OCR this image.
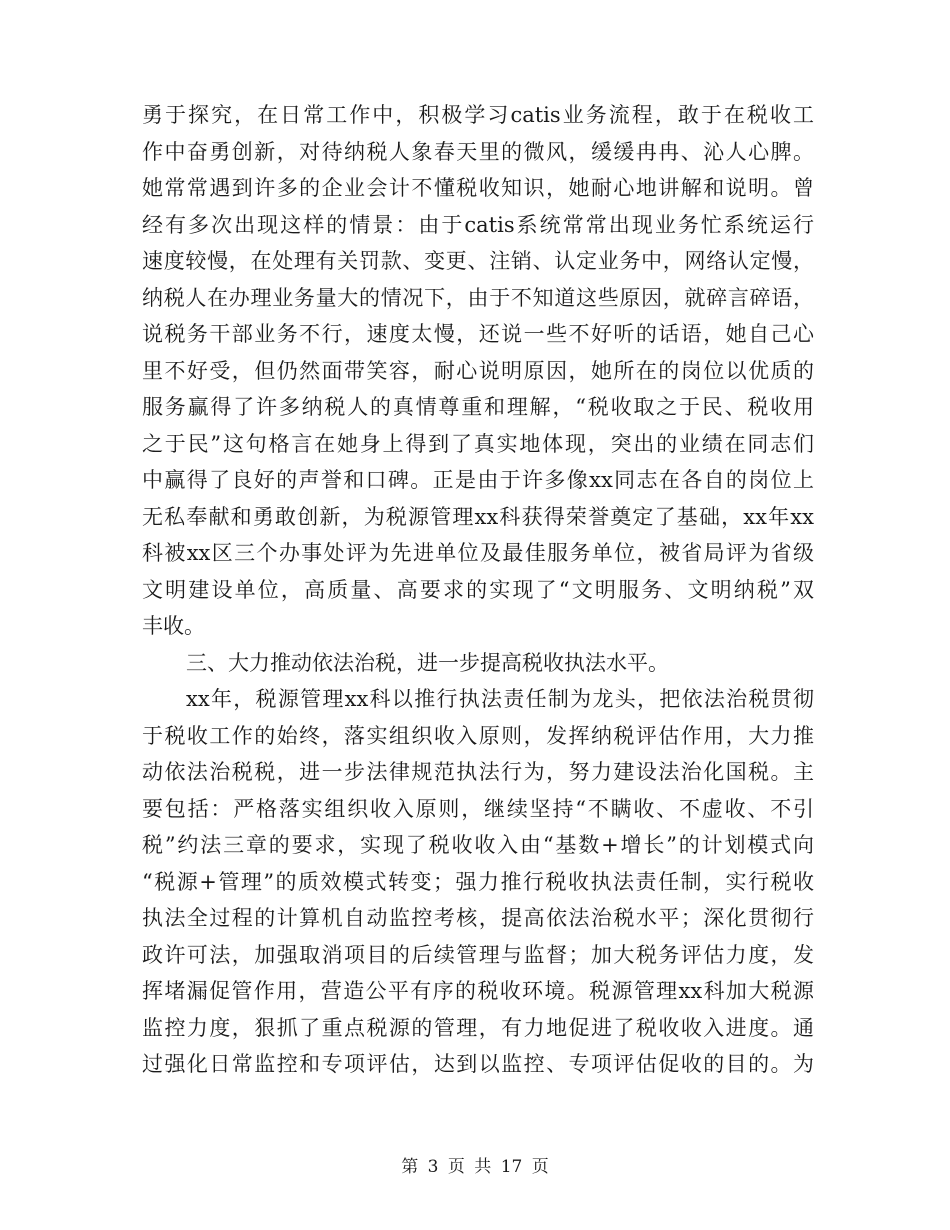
勇于探究，在日常工作中，积极学习catis业务流程，敢于在税收工
作中奋勇创新，对待纳税人象春天里的微风，缓缓冉冉、沁人心脾。
她常常遇到许多的企业会计不懂税收知识，她耐心地讲解和说明。曾
经有多次出现这样的情景：由于catis系统常常出现业务忙系统运行
速度较慢，在处理有关罚款、变更、注销、认定业务中，网络认定慢，
纳税人在办理业务量大的情况下，由于不知道这些原因，就碎言碎语，
说税务干部业务不行，速度太慢，还说一些不好听的话语，她自己心
里不好受，但仍然面带笑容，耐心说明原因，她所在的岗位以优质的
服务赢得了许多纳税人的真情尊重和理解，“税收取之于民、税收用
之于民”这句格言在她身上得到了真实地体现，突出的业绩在同志们
中赢得了良好的声誉和口碑。正是由于许多像xx同志在各自的岗位上
无私奉献和勇敢创新，为税源管理xx科获得荣誉奠定了基础，xx年xx
科被xx区三个办事处评为先进单位及最佳服务单位，被省局评为省级
文明建设单位，高质量、高要求的实现了“文明服务、文明纳税”双
丰收。
三、大力推动依法治税，进一步提高税收执法水平。
xx年，税源管理xx科以推行执法责任制为龙头，把依法治税贯彻
于税收工作的始终，落实组织收入原则，发挥纳税评估作用，大力推
动依法治税税，进一步法律规范执法行为，努力建设法治化国税。主
要包括：严格落实组织收入原则，继续坚持“不瞒收、不虚收、不引
税”约法三章的要求，实现了税收收入由“基数+增长”的计划模式向
“税源+管理”的质效模式转变；强力推行税收执法责任制，实行税收
执法全过程的计算机自动监控考核，提高依法治税水平；深化贯彻行
政许可法，加强取消项目的后续管理与监督；加大税务评估力度，发
挥堵漏促管作用，营造公平有序的税收环境。税源管理xx科加大税源
监控力度，狠抓了重点税源的管理，有力地促进了税收收入进度。通
过强化日常监控和专项评估，达到以监控、专项评估促收的目的。为
第 3 页 共 17 页
